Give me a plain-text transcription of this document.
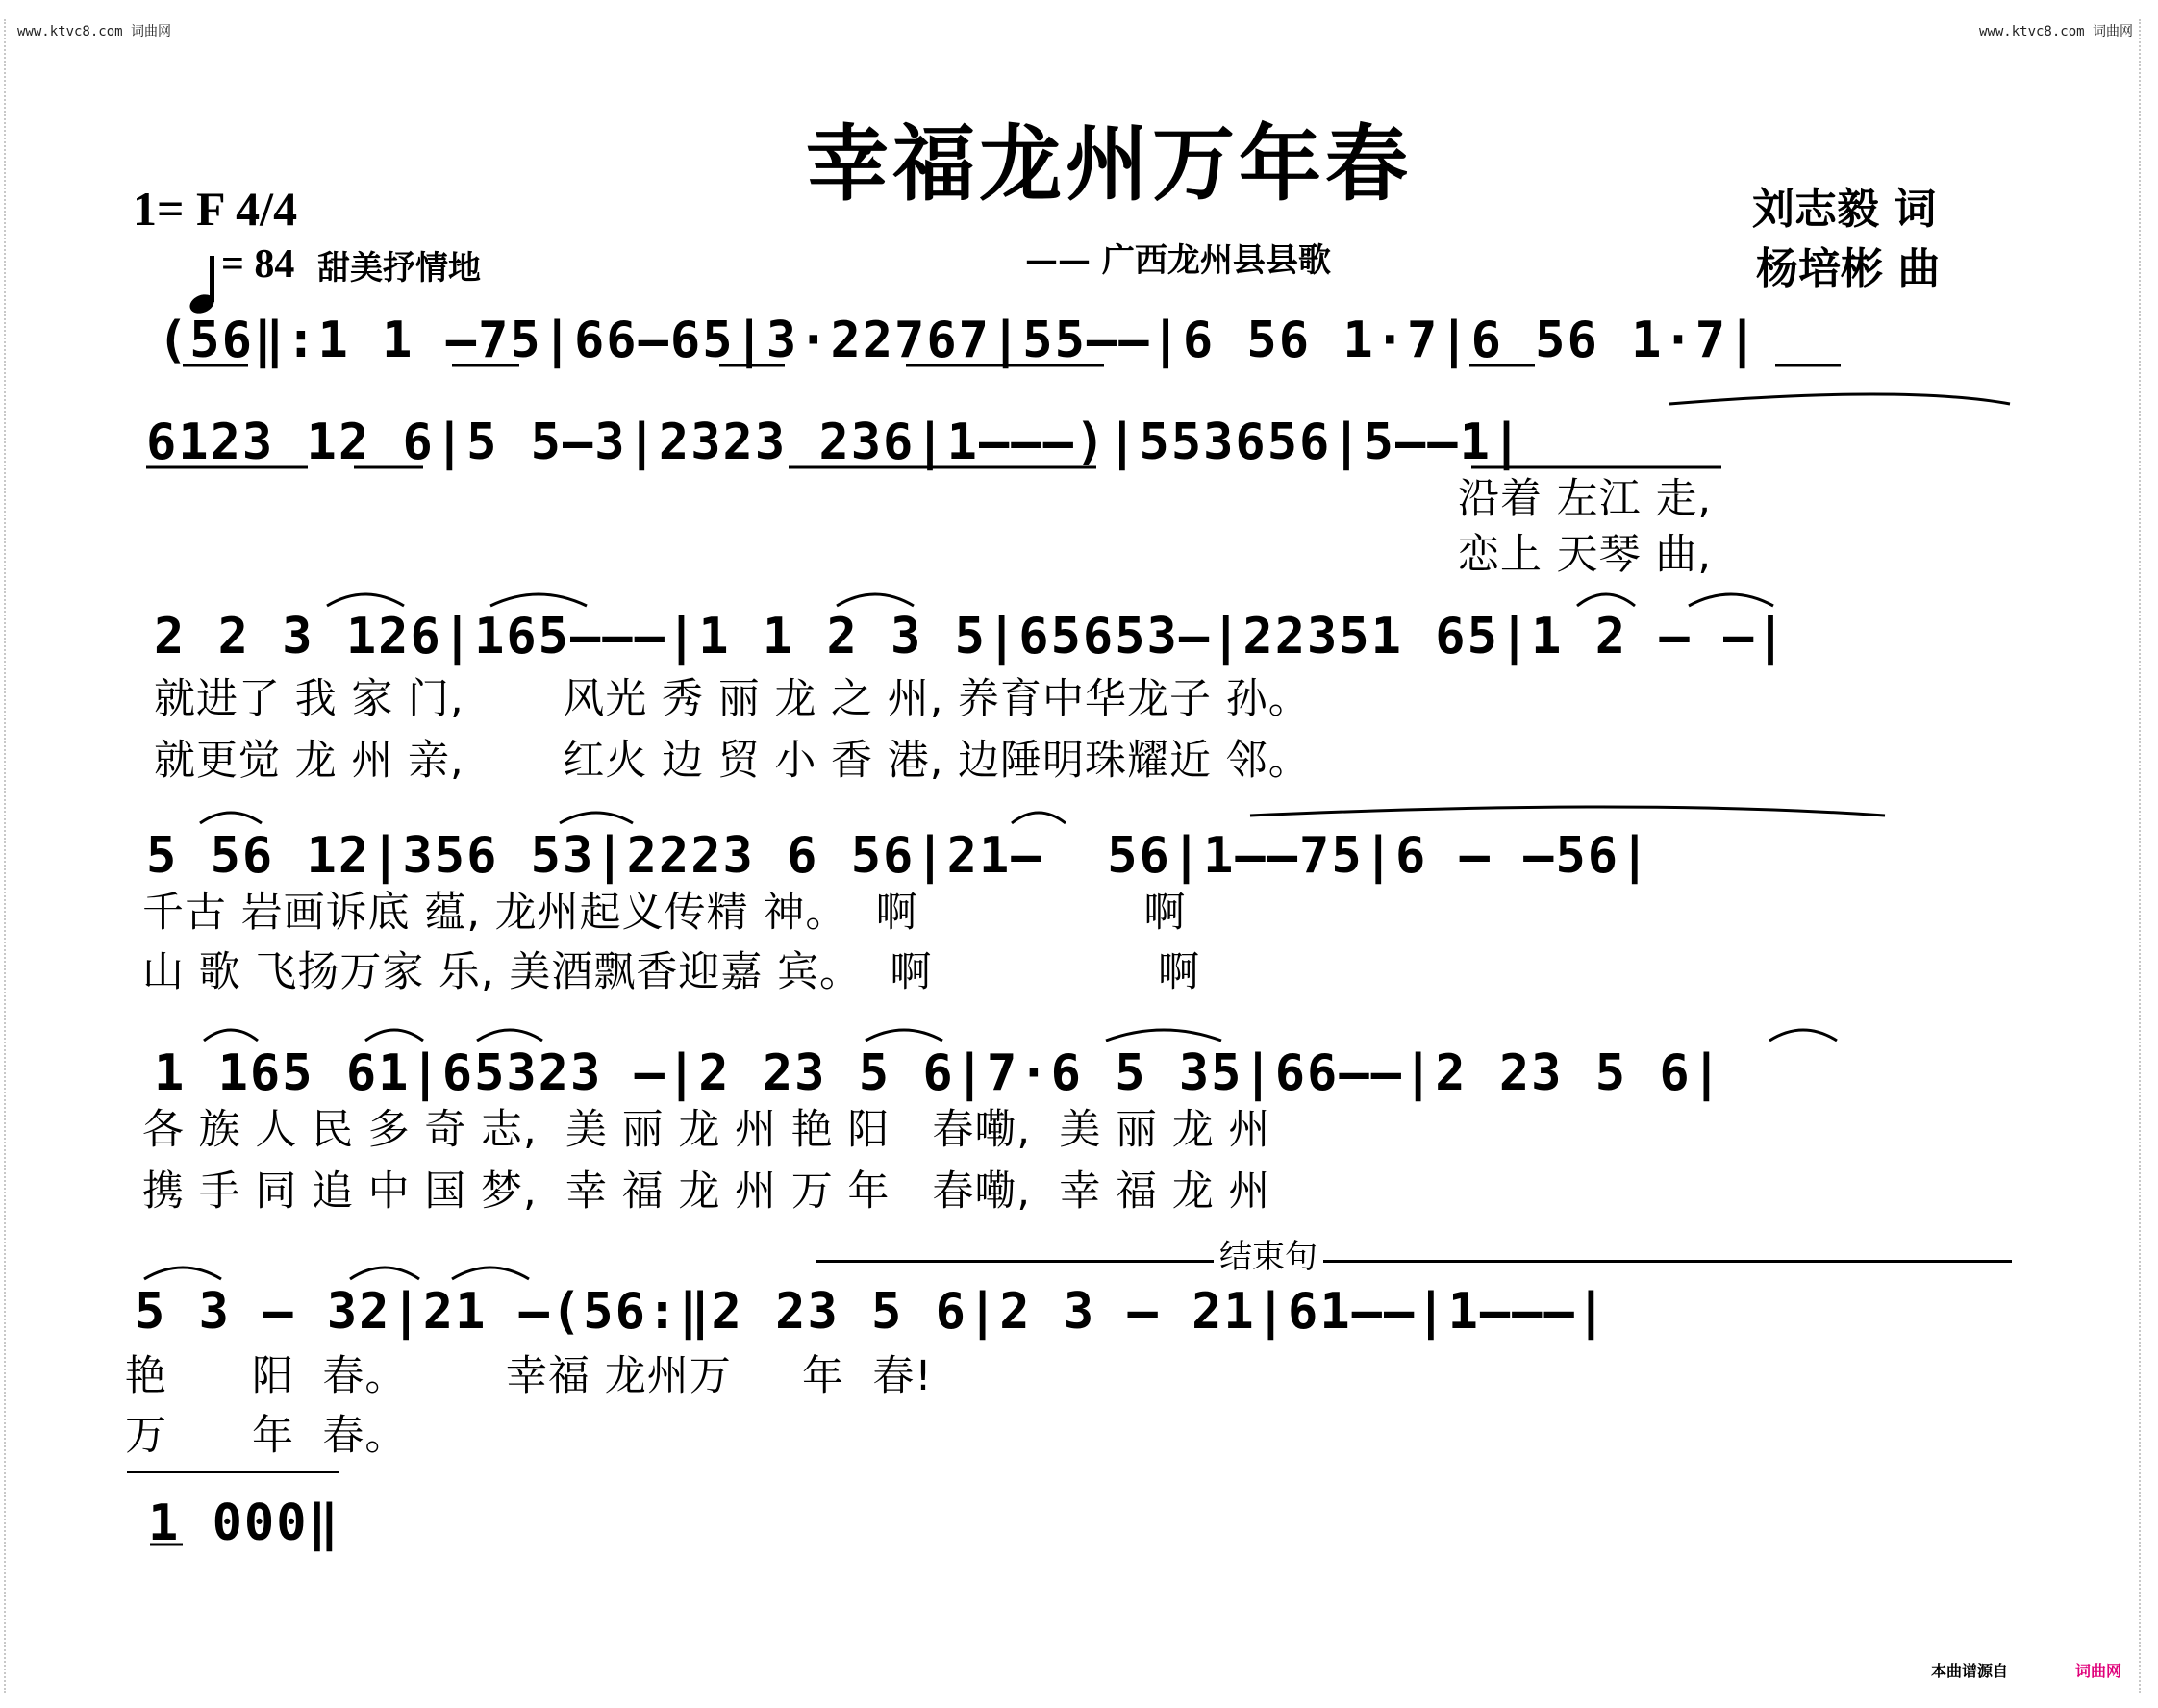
www.ktvc8.com 词曲网	www.ktvc8.com 词曲网
幸福龙州万年春
1= F 4/4

= 84 甜美抒情地	—— 广西龙州县县歌
刘志毅 词
杨培彬 曲
(56‖:1 1 —75|66—65|3·22767|55——|6 56 1·7|6 56 1·7|
6123 12 6|5 5—3|2323 236|1———)|553656|5——1|
沿着 左江 走,
恋上 天琴 曲,
2 2 3 126|165———|1 1 2 3 5|65653—|22351 65|1 2 — —|
就进了 我 家 门,       风光 秀 丽 龙 之 州, 养育中华龙子 孙。
就更觉 龙 州 亲,       红火 边 贸 小 香 港, 边陲明珠耀近 邻。
5 56 12|356 53|2223 6 56|21—  56|1——75|6 — —56|
千古 岩画诉底 蕴, 龙州起义传精 神。  啊                啊
山 歌 飞扬万家 乐, 美酒飘香迎嘉 宾。  啊                啊
1 165 61|65323 —|2 23 5 6|7·6 5 35|66——|2 23 5 6|
各 族 人 民 多 奇 志,  美 丽 龙 州 艳 阳   春嘞,  美 丽 龙 州
携 手 同 追 中 国 梦,  幸 福 龙 州 万 年   春嘞,  幸 福 龙 州
结束句
5 3 — 32|21 —(56:‖2 23 5 6|2 3 — 21|61——|1———|
艳      阳  春。       幸福 龙州万     年  春!
万      年  春。
1 000‖
本曲谱源自	词曲网
